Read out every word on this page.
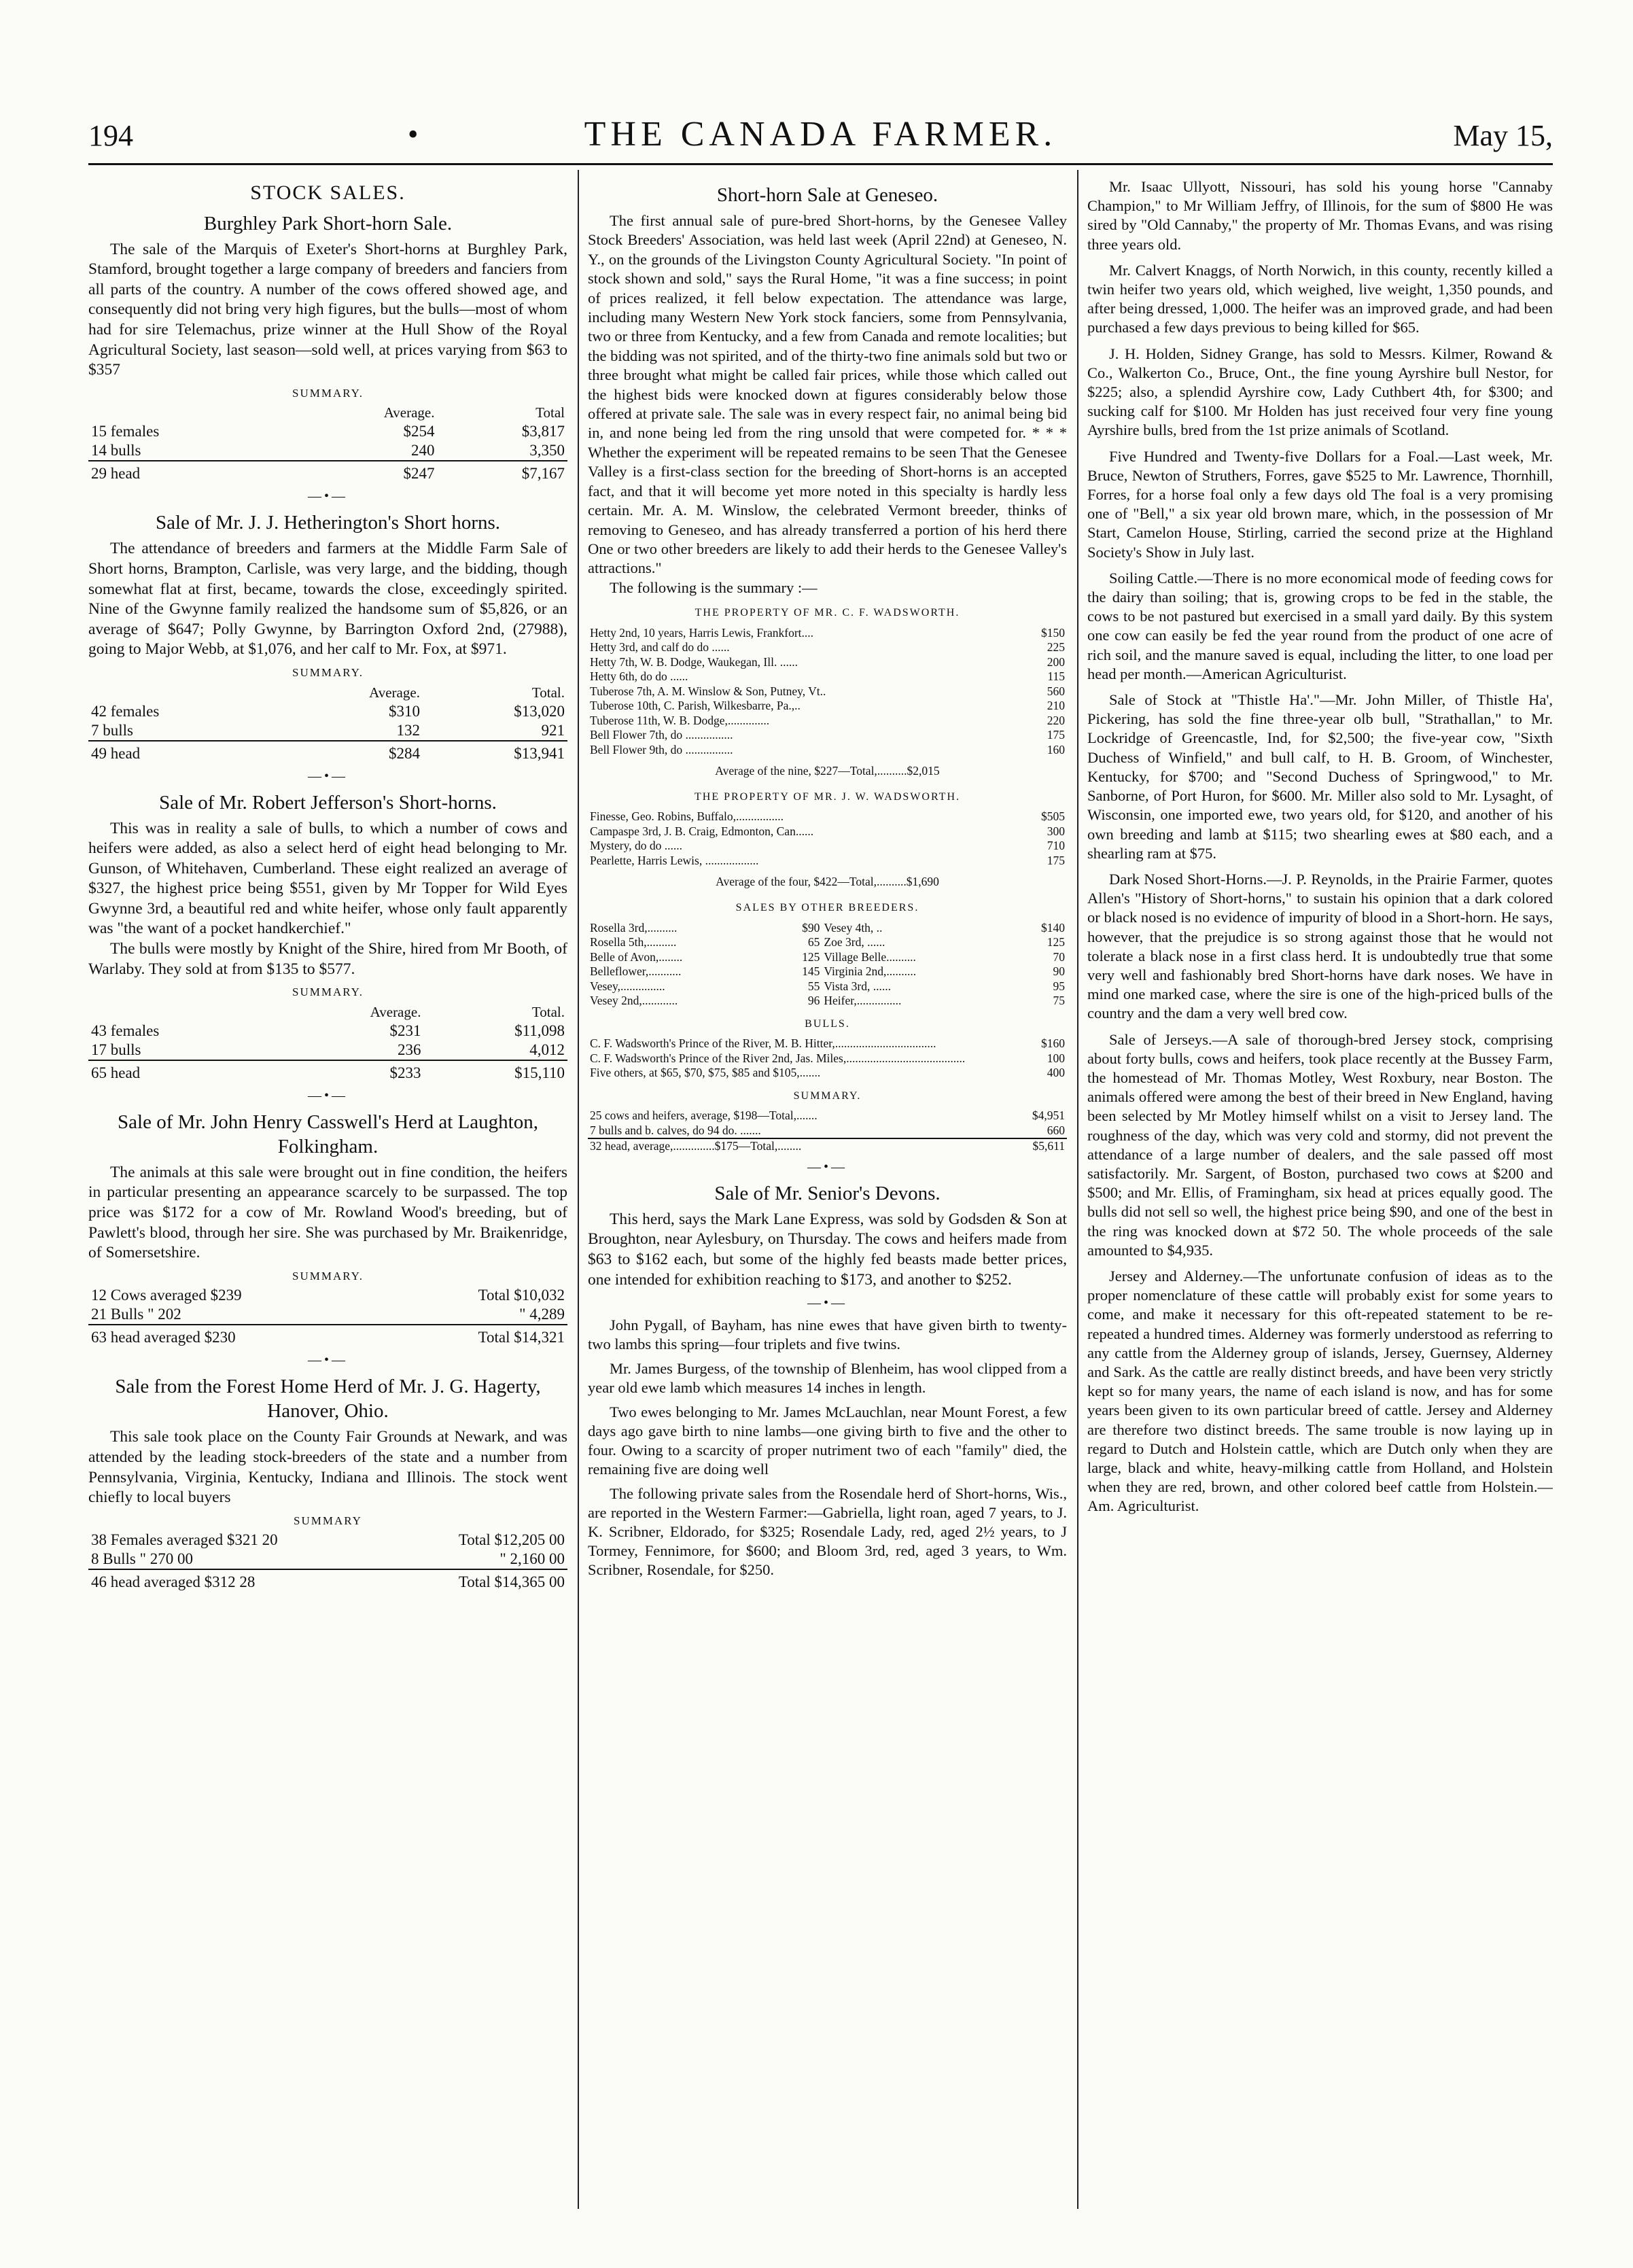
194	•	THE CANADA FARMER.	May 15,
STOCK SALES.
Burghley Park Short-horn Sale.

The sale of the Marquis of Exeter's Short-horns at Burghley Park, Stamford, brought together a large company of breeders and fanciers from all parts of the country. A number of the cows offered showed age, and consequently did not bring very high figures, but the bulls—most of whom had for sire Telemachus, prize winner at the Hull Show of the Royal Agricultural Society, last season—sold well, at prices varying from $63 to $357

SUMMARY.

	Average.	Total
15 females	$254	$3,817
14 bulls	240	3,350
29 head	$247	$7,167
—•—
Sale of Mr. J. J. Hetherington's Short horns.

The attendance of breeders and farmers at the Middle Farm Sale of Short horns, Brampton, Carlisle, was very large, and the bidding, though somewhat flat at first, became, towards the close, exceedingly spirited. Nine of the Gwynne family realized the handsome sum of $5,826, or an average of $647; Polly Gwynne, by Barrington Oxford 2nd, (27988), going to Major Webb, at $1,076, and her calf to Mr. Fox, at $971.

SUMMARY.

	Average.	Total.
42 females	$310	$13,020
7 bulls	132	921
49 head	$284	$13,941
—•—
Sale of Mr. Robert Jefferson's Short-horns.

This was in reality a sale of bulls, to which a number of cows and heifers were added, as also a select herd of eight head belonging to Mr. Gunson, of Whitehaven, Cumberland. These eight realized an average of $327, the highest price being $551, given by Mr Topper for Wild Eyes Gwynne 3rd, a beautiful red and white heifer, whose only fault apparently was "the want of a pocket handkerchief."

The bulls were mostly by Knight of the Shire, hired from Mr Booth, of Warlaby. They sold at from $135 to $577.

SUMMARY.

	Average.	Total.
43 females	$231	$11,098
17 bulls	236	4,012
65 head	$233	$15,110
—•—
Sale of Mr. John Henry Casswell's Herd at Laughton, Folkingham.

The animals at this sale were brought out in fine condition, the heifers in particular presenting an appearance scarcely to be surpassed. The top price was $172 for a cow of Mr. Rowland Wood's breeding, but of Pawlett's blood, through her sire. She was purchased by Mr. Braikenridge, of Somersetshire.

SUMMARY.

12 Cows averaged $239	Total $10,032
21 Bulls " 202	" 4,289
63 head averaged $230	Total $14,321
—•—
Sale from the Forest Home Herd of Mr. J. G. Hagerty, Hanover, Ohio.

This sale took place on the County Fair Grounds at Newark, and was attended by the leading stock-breeders of the state and a number from Pennsylvania, Virginia, Kentucky, Indiana and Illinois. The stock went chiefly to local buyers

SUMMARY

38 Females averaged $321 20	Total $12,205 00
8 Bulls " 270 00	" 2,160 00
46 head averaged $312 28	Total $14,365 00
Short-horn Sale at Geneseo.

The first annual sale of pure-bred Short-horns, by the Genesee Valley Stock Breeders' Association, was held last week (April 22nd) at Geneseo, N. Y., on the grounds of the Livingston County Agricultural Society. "In point of stock shown and sold," says the Rural Home, "it was a fine success; in point of prices realized, it fell below expectation. The attendance was large, including many Western New York stock fanciers, some from Pennsylvania, two or three from Kentucky, and a few from Canada and remote localities; but the bidding was not spirited, and of the thirty-two fine animals sold but two or three brought what might be called fair prices, while those which called out the highest bids were knocked down at figures considerably below those offered at private sale. The sale was in every respect fair, no animal being bid in, and none being led from the ring unsold that were competed for. * * * Whether the experiment will be repeated remains to be seen That the Genesee Valley is a first-class section for the breeding of Short-horns is an accepted fact, and that it will become yet more noted in this specialty is hardly less certain. Mr. A. M. Winslow, the celebrated Vermont breeder, thinks of removing to Geneseo, and has already transferred a portion of his herd there One or two other breeders are likely to add their herds to the Genesee Valley's attractions."

The following is the summary :—

THE PROPERTY OF MR. C. F. WADSWORTH.
Hetty 2nd, 10 years, Harris Lewis, Frankfort....	$150
Hetty 3rd, and calf do do ......	225
Hetty 7th, W. B. Dodge, Waukegan, Ill. ......	200
Hetty 6th, do do ......	115
Tuberose 7th, A. M. Winslow & Son, Putney, Vt..	560
Tuberose 10th, C. Parish, Wilkesbarre, Pa.,..	210
Tuberose 11th, W. B. Dodge,..............	220
Bell Flower 7th, do ................	175
Bell Flower 9th, do ................	160
Average of the nine, $227—Total,..........$2,015
THE PROPERTY OF MR. J. W. WADSWORTH.
Finesse, Geo. Robins, Buffalo,................	$505
Campaspe 3rd, J. B. Craig, Edmonton, Can......	300
Mystery, do do ......	710
Pearlette, Harris Lewis, ..................	175
Average of the four, $422—Total,..........$1,690
SALES BY OTHER BREEDERS.
Rosella 3rd,..........	$90	Vesey 4th, ..	$140
Rosella 5th,..........	65	Zoe 3rd, ......	125
Belle of Avon,........	125	Village Belle..........	70
Belleflower,...........	145	Virginia 2nd,..........	90
Vesey,...............	55	Vista 3rd, ......	95
Vesey 2nd,............	96	Heifer,...............	75
BULLS.
C. F. Wadsworth's Prince of the River, M. B. Hitter,..................................	$160
C. F. Wadsworth's Prince of the River 2nd, Jas. Miles,........................................	100
Five others, at $65, $70, $75, $85 and $105,.......	400
SUMMARY.
25 cows and heifers, average, $198—Total,.......	$4,951
7 bulls and b. calves, do 94 do. .......	660
32 head, average,..............$175—Total,........	$5,611
—•—
Sale of Mr. Senior's Devons.

This herd, says the Mark Lane Express, was sold by Godsden & Son at Broughton, near Aylesbury, on Thursday. The cows and heifers made from $63 to $162 each, but some of the highly fed beasts made better prices, one intended for exhibition reaching to $173, and another to $252.

—•—

John Pygall, of Bayham, has nine ewes that have given birth to twenty-two lambs this spring—four triplets and five twins.

Mr. James Burgess, of the township of Blenheim, has wool clipped from a year old ewe lamb which measures 14 inches in length.

Two ewes belonging to Mr. James McLauchlan, near Mount Forest, a few days ago gave birth to nine lambs—one giving birth to five and the other to four. Owing to a scarcity of proper nutriment two of each "family" died, the remaining five are doing well

The following private sales from the Rosendale herd of Short-horns, Wis., are reported in the Western Farmer:—Gabriella, light roan, aged 7 years, to J. K. Scribner, Eldorado, for $325; Rosendale Lady, red, aged 2½ years, to J Tormey, Fennimore, for $600; and Bloom 3rd, red, aged 3 years, to Wm. Scribner, Rosendale, for $250.

Mr. Isaac Ullyott, Nissouri, has sold his young horse "Cannaby Champion," to Mr William Jeffry, of Illinois, for the sum of $800 He was sired by "Old Cannaby," the property of Mr. Thomas Evans, and was rising three years old.

Mr. Calvert Knaggs, of North Norwich, in this county, recently killed a twin heifer two years old, which weighed, live weight, 1,350 pounds, and after being dressed, 1,000. The heifer was an improved grade, and had been purchased a few days previous to being killed for $65.

J. H. Holden, Sidney Grange, has sold to Messrs. Kilmer, Rowand & Co., Walkerton Co., Bruce, Ont., the fine young Ayrshire bull Nestor, for $225; also, a splendid Ayrshire cow, Lady Cuthbert 4th, for $300; and sucking calf for $100. Mr Holden has just received four very fine young Ayrshire bulls, bred from the 1st prize animals of Scotland.

Five Hundred and Twenty-five Dollars for a Foal.—Last week, Mr. Bruce, Newton of Struthers, Forres, gave $525 to Mr. Lawrence, Thornhill, Forres, for a horse foal only a few days old The foal is a very promising one of "Bell," a six year old brown mare, which, in the possession of Mr Start, Camelon House, Stirling, carried the second prize at the Highland Society's Show in July last.

Soiling Cattle.—There is no more economical mode of feeding cows for the dairy than soiling; that is, growing crops to be fed in the stable, the cows to be not pastured but exercised in a small yard daily. By this system one cow can easily be fed the year round from the product of one acre of rich soil, and the manure saved is equal, including the litter, to one load per head per month.—American Agriculturist.

Sale of Stock at "Thistle Ha'."—Mr. John Miller, of Thistle Ha', Pickering, has sold the fine three-year olb bull, "Strathallan," to Mr. Lockridge of Greencastle, Ind, for $2,500; the five-year cow, "Sixth Duchess of Winfield," and bull calf, to H. B. Groom, of Winchester, Kentucky, for $700; and "Second Duchess of Springwood," to Mr. Sanborne, of Port Huron, for $600. Mr. Miller also sold to Mr. Lysaght, of Wisconsin, one imported ewe, two years old, for $120, and another of his own breeding and lamb at $115; two shearling ewes at $80 each, and a shearling ram at $75.

Dark Nosed Short-Horns.—J. P. Reynolds, in the Prairie Farmer, quotes Allen's "History of Short-horns," to sustain his opinion that a dark colored or black nosed is no evidence of impurity of blood in a Short-horn. He says, however, that the prejudice is so strong against those that he would not tolerate a black nose in a first class herd. It is undoubtedly true that some very well and fashionably bred Short-horns have dark noses. We have in mind one marked case, where the sire is one of the high-priced bulls of the country and the dam a very well bred cow.

Sale of Jerseys.—A sale of thorough-bred Jersey stock, comprising about forty bulls, cows and heifers, took place recently at the Bussey Farm, the homestead of Mr. Thomas Motley, West Roxbury, near Boston. The animals offered were among the best of their breed in New England, having been selected by Mr Motley himself whilst on a visit to Jersey land. The roughness of the day, which was very cold and stormy, did not prevent the attendance of a large number of dealers, and the sale passed off most satisfactorily. Mr. Sargent, of Boston, purchased two cows at $200 and $500; and Mr. Ellis, of Framingham, six head at prices equally good. The bulls did not sell so well, the highest price being $90, and one of the best in the ring was knocked down at $72 50. The whole proceeds of the sale amounted to $4,935.

Jersey and Alderney.—The unfortunate confusion of ideas as to the proper nomenclature of these cattle will probably exist for some years to come, and make it necessary for this oft-repeated statement to be re-repeated a hundred times. Alderney was formerly understood as referring to any cattle from the Alderney group of islands, Jersey, Guernsey, Alderney and Sark. As the cattle are really distinct breeds, and have been very strictly kept so for many years, the name of each island is now, and has for some years been given to its own particular breed of cattle. Jersey and Alderney are therefore two distinct breeds. The same trouble is now laying up in regard to Dutch and Holstein cattle, which are Dutch only when they are large, black and white, heavy-milking cattle from Holland, and Holstein when they are red, brown, and other colored beef cattle from Holstein.—Am. Agriculturist.
